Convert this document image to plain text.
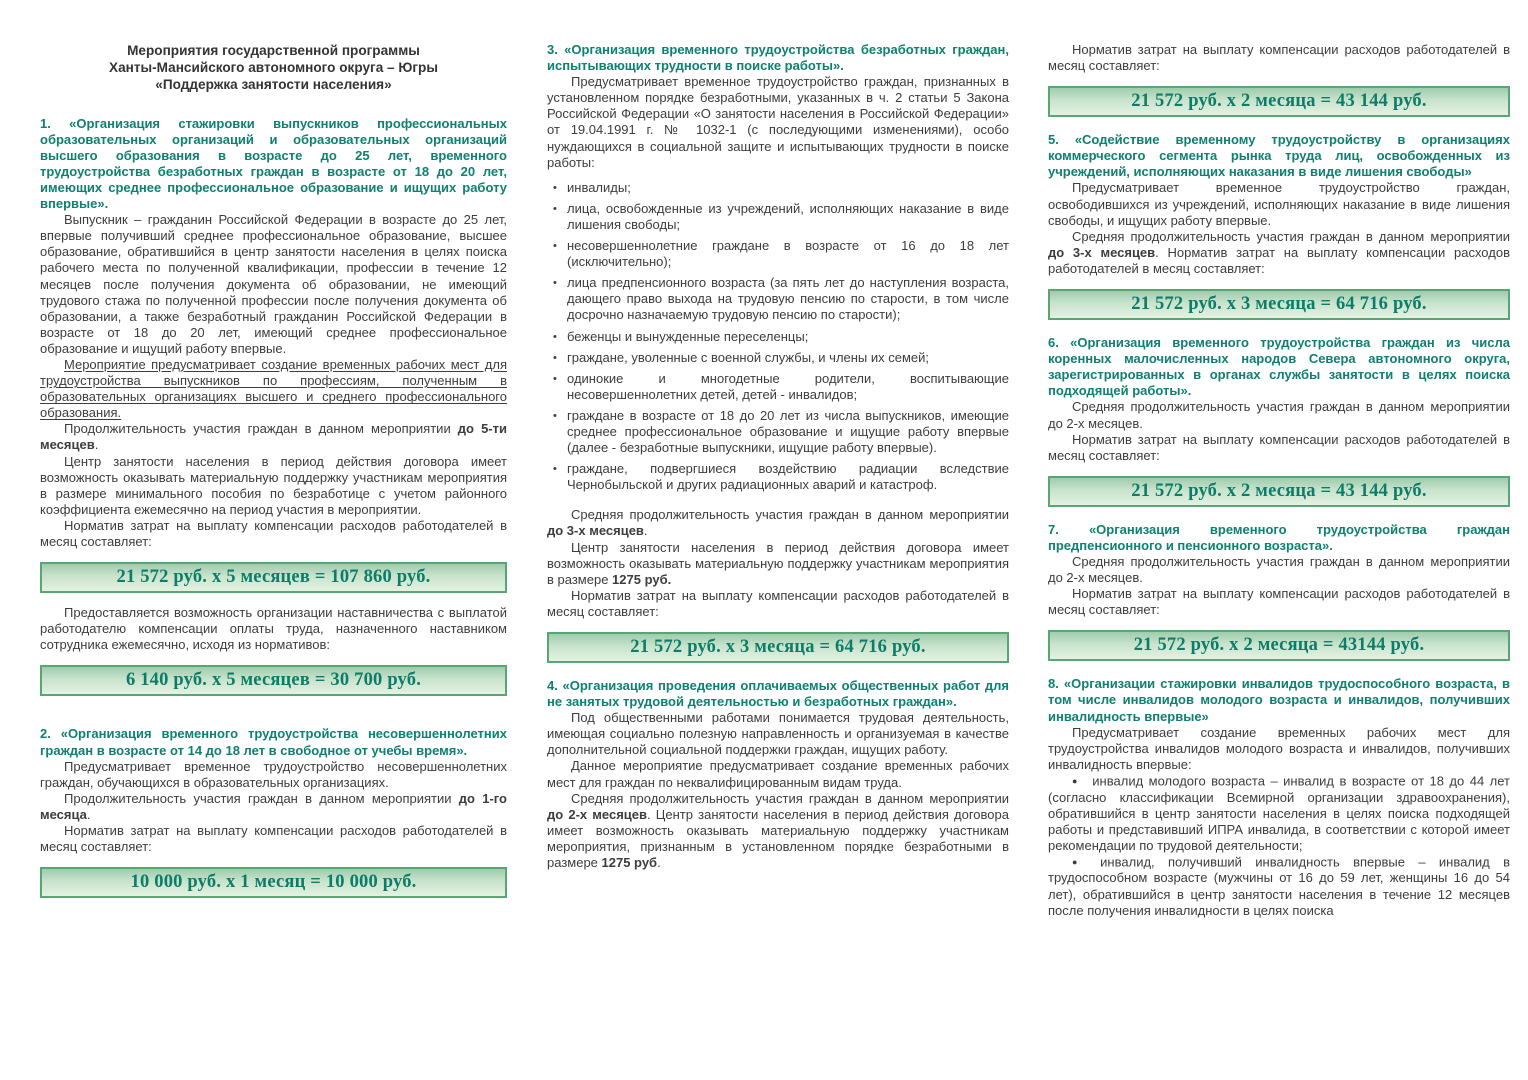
Мероприятия государственной программы
Ханты-Мансийского автономного округа – Югры
«Поддержка занятости населения»
1. «Организация стажировки выпускников профессиональных образовательных организаций и образовательных организаций высшего образования в возрасте до 25 лет, временного трудоустройства безработных граждан в возрасте от 18 до 20 лет, имеющих среднее профессиональное образование и ищущих работу впервые».

Выпускник – гражданин Российской Федерации в возрасте до 25 лет, впервые получивший среднее профессиональное образование, высшее образование, обратившийся в центр занятости населения в целях поиска рабочего места по полученной квалификации, профессии в течение 12 месяцев после получения документа об образовании, не имеющий трудового стажа по полученной профессии после получения документа об образовании, а также безработный гражданин Российской Федерации в возрасте от 18 до 20 лет, имеющий среднее профессиональное образование и ищущий работу впервые.

Мероприятие предусматривает создание временных рабочих мест для трудоустройства выпускников по профессиям, полученным в образовательных организациях высшего и среднего профессионального образования.

Продолжительность участия граждан в данном мероприятии до 5-ти месяцев.

Центр занятости населения в период действия договора имеет возможность оказывать материальную поддержку участникам мероприятия в размере минимального пособия по безработице с учетом районного коэффициента ежемесячно на период участия в мероприятии.

Норматив затрат на выплату компенсации расходов работодателей в месяц составляет:

21 572 руб. х 5 месяцев = 107 860 руб.

Предоставляется возможность организации наставничества с выплатой работодателю компенсации оплаты труда, назначенного наставником сотрудника ежемесячно, исходя из нормативов:

6 140 руб. х 5 месяцев = 30 700 руб.
2. «Организация временного трудоустройства несовершеннолетних граждан в возрасте от 14 до 18 лет в свободное от учебы время».

Предусматривает временное трудоустройство несовершеннолетних граждан, обучающихся в образовательных организациях.

Продолжительность участия граждан в данном мероприятии до 1-го месяца.

Норматив затрат на выплату компенсации расходов работодателей в месяц составляет:

10 000 руб. х 1 месяц = 10 000 руб.
3. «Организация временного трудоустройства безработных граждан, испытывающих трудности в поиске работы».

Предусматривает временное трудоустройство граждан, признанных в установленном порядке безработными, указанных в ч. 2 статьи 5 Закона Российской Федерации «О занятости населения в Российской Федерации» от 19.04.1991 г. № 1032-1 (с последующими изменениями), особо нуждающихся в социальной защите и испытывающих трудности в поиске работы:

• инвалиды;
• лица, освобожденные из учреждений, исполняющих наказание в виде лишения свободы;
• несовершеннолетние граждане в возрасте от 16 до 18 лет (исключительно);
• лица предпенсионного возраста (за пять лет до наступления возраста, дающего право выхода на трудовую пенсию по старости, в том числе досрочно назначаемую трудовую пенсию по старости);
• беженцы и вынужденные переселенцы;
• граждане, уволенные с военной службы, и члены их семей;
• одинокие и многодетные родители, воспитывающие несовершеннолетних детей, детей - инвалидов;
• граждане в возрасте от 18 до 20 лет из числа выпускников, имеющие среднее профессиональное образование и ищущие работу впервые (далее - безработные выпускники, ищущие работу впервые).
• граждане, подвергшиеся воздействию радиации вследствие Чернобыльской и других радиационных аварий и катастроф.

Средняя продолжительность участия граждан в данном мероприятии до 3-х месяцев.

Центр занятости населения в период действия договора имеет возможность оказывать материальную поддержку участникам мероприятия в размере 1275 руб.

Норматив затрат на выплату компенсации расходов работодателей в месяц составляет:

21 572 руб. х 3 месяца = 64 716 руб.
4. «Организация проведения оплачиваемых общественных работ для не занятых трудовой деятельностью и безработных граждан».

Под общественными работами понимается трудовая деятельность, имеющая социально полезную направленность и организуемая в качестве дополнительной социальной поддержки граждан, ищущих работу.

Данное мероприятие предусматривает создание временных рабочих мест для граждан по неквалифицированным видам труда.

Средняя продолжительность участия граждан в данном мероприятии до 2-х месяцев. Центр занятости населения в период действия договора имеет возможность оказывать материальную поддержку участникам мероприятия, признанным в установленном порядке безработными в размере 1275 руб.

Норматив затрат на выплату компенсации расходов работодателей в месяц составляет:

21 572 руб. х 2 месяца = 43 144 руб.
5. «Содействие временному трудоустройству в организациях коммерческого сегмента рынка труда лиц, освобожденных из учреждений, исполняющих наказания в виде лишения свободы»

Предусматривает временное трудоустройство граждан, освободившихся из учреждений, исполняющих наказание в виде лишения свободы, и ищущих работу впервые.

Средняя продолжительность участия граждан в данном мероприятии до 3-х месяцев. Норматив затрат на выплату компенсации расходов работодателей в месяц составляет:

21 572 руб. х 3 месяца = 64 716 руб.
6. «Организация временного трудоустройства граждан из числа коренных малочисленных народов Севера автономного округа, зарегистрированных в органах службы занятости в целях поиска подходящей работы».

Средняя продолжительность участия граждан в данном мероприятии до 2-х месяцев.

Норматив затрат на выплату компенсации расходов работодателей в месяц составляет:

21 572 руб. х 2 месяца = 43 144 руб.
7. «Организация временного трудоустройства граждан предпенсионного и пенсионного возраста».

Средняя продолжительность участия граждан в данном мероприятии до 2-х месяцев.

Норматив затрат на выплату компенсации расходов работодателей в месяц составляет:

21 572 руб. х 2 месяца = 43144 руб.
8. «Организации стажировки инвалидов трудоспособного возраста, в том числе инвалидов молодого возраста и инвалидов, получивших инвалидность впервые»

Предусматривает создание временных рабочих мест для трудоустройства инвалидов молодого возраста и инвалидов, получивших инвалидность впервые:

● инвалид молодого возраста – инвалид в возрасте от 18 до 44 лет (согласно классификации Всемирной организации здравоохранения), обратившийся в центр занятости населения в целях поиска подходящей работы и представивший ИПРА инвалида, в соответствии с которой имеет рекомендации по трудовой деятельности;

● инвалид, получивший инвалидность впервые – инвалид в трудоспособном возрасте (мужчины от 16 до 59 лет, женщины 16 до 54 лет), обратившийся в центр занятости населения в течение 12 месяцев после получения инвалидности в целях поиска
